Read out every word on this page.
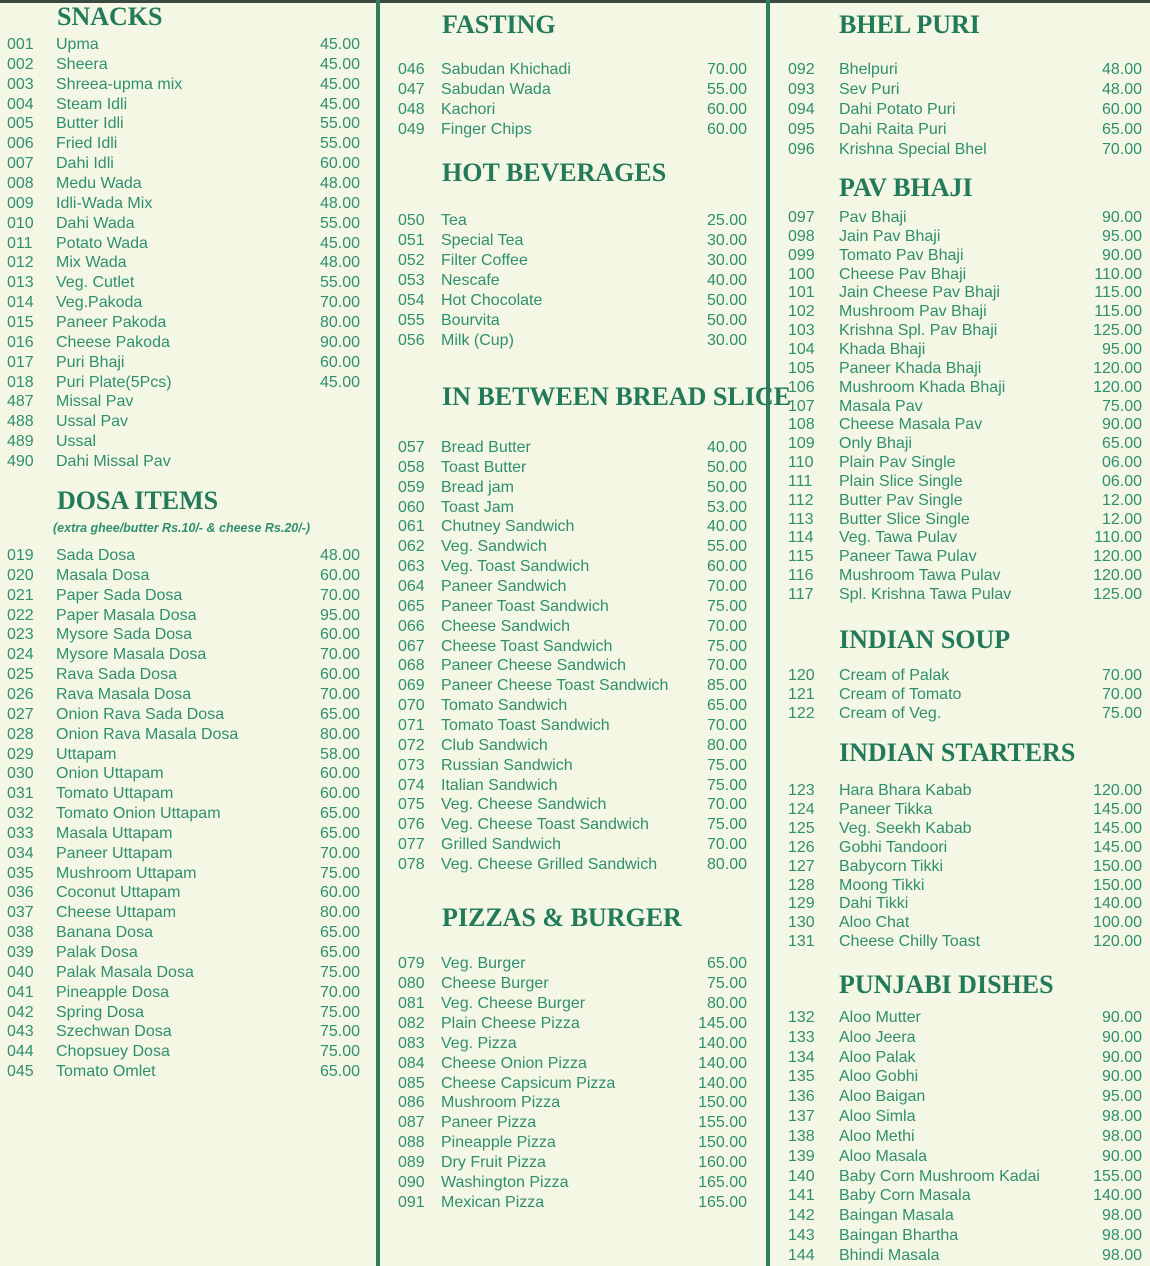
SNACKS
001 Upma	45.00
002 Sheera	45.00
003 Shreea-upma mix	45.00
004 Steam Idli	45.00
005 Butter Idli	55.00
006 Fried Idli	55.00
007 Dahi Idli	60.00
008 Medu Wada	48.00
009 Idli-Wada Mix	48.00
010 Dahi Wada	55.00
011 Potato Wada	45.00
012 Mix Wada	48.00
013 Veg. Cutlet	55.00
014 Veg.Pakoda	70.00
015 Paneer Pakoda	80.00
016 Cheese Pakoda	90.00
017 Puri Bhaji	60.00
018 Puri Plate(5Pcs)	45.00
487 Missal Pav
488 Ussal Pav
489 Ussal
490 Dahi Missal Pav
DOSA ITEMS
(extra ghee/butter Rs.10/- & cheese Rs.20/-)
019 Sada Dosa	48.00
020 Masala Dosa	60.00
021 Paper Sada Dosa	70.00
022 Paper Masala Dosa	95.00
023 Mysore Sada Dosa	60.00
024 Mysore Masala Dosa	70.00
025 Rava Sada Dosa	60.00
026 Rava Masala Dosa	70.00
027 Onion Rava Sada Dosa	65.00
028 Onion Rava Masala Dosa	80.00
029 Uttapam	58.00
030 Onion Uttapam	60.00
031 Tomato Uttapam	60.00
032 Tomato Onion Uttapam	65.00
033 Masala Uttapam	65.00
034 Paneer Uttapam	70.00
035 Mushroom Uttapam	75.00
036 Coconut Uttapam	60.00
037 Cheese Uttapam	80.00
038 Banana Dosa	65.00
039 Palak Dosa	65.00
040 Palak Masala Dosa	75.00
041 Pineapple Dosa	70.00
042 Spring Dosa	75.00
043 Szechwan Dosa	75.00
044 Chopsuey Dosa	75.00
045 Tomato Omlet	65.00
FASTING
046 Sabudan Khichadi	70.00
047 Sabudan Wada	55.00
048 Kachori	60.00
049 Finger Chips	60.00
HOT BEVERAGES
050 Tea	25.00
051 Special Tea	30.00
052 Filter Coffee	30.00
053 Nescafe	40.00
054 Hot Chocolate	50.00
055 Bourvita	50.00
056 Milk (Cup)	30.00
IN BETWEEN BREAD SLICE
057 Bread Butter	40.00
058 Toast Butter	50.00
059 Bread jam	50.00
060 Toast Jam	53.00
061 Chutney Sandwich	40.00
062 Veg. Sandwich	55.00
063 Veg. Toast Sandwich	60.00
064 Paneer Sandwich	70.00
065 Paneer Toast Sandwich	75.00
066 Cheese Sandwich	70.00
067 Cheese Toast Sandwich	75.00
068 Paneer Cheese Sandwich	70.00
069 Paneer Cheese Toast Sandwich 85.00
070 Tomato Sandwich	65.00
071 Tomato Toast Sandwich	70.00
072 Club Sandwich	80.00
073 Russian Sandwich	75.00
074 Italian Sandwich	75.00
075 Veg. Cheese Sandwich	70.00
076 Veg. Cheese Toast Sandwich	75.00
077 Grilled Sandwich	70.00
078 Veg. Cheese Grilled Sandwich	80.00
PIZZAS & BURGER
079 Veg. Burger	65.00
080 Cheese Burger	75.00
081 Veg. Cheese Burger	80.00
082 Plain Cheese Pizza	145.00
083 Veg. Pizza	140.00
084 Cheese Onion Pizza	140.00
085 Cheese Capsicum Pizza	140.00
086 Mushroom Pizza	150.00
087 Paneer Pizza	155.00
088 Pineapple Pizza	150.00
089 Dry Fruit Pizza	160.00
090 Washington Pizza	165.00
091 Mexican Pizza	165.00
BHEL PURI
092 Bhelpuri	48.00
093 Sev Puri	48.00
094 Dahi Potato Puri	60.00
095 Dahi Raita Puri	65.00
096 Krishna Special Bhel	70.00
PAV BHAJI
097 Pav Bhaji	90.00
098 Jain Pav Bhaji	95.00
099 Tomato Pav Bhaji	90.00
100 Cheese Pav Bhaji	110.00
101 Jain Cheese Pav Bhaji	115.00
102 Mushroom Pav Bhaji	115.00
103 Krishna Spl. Pav Bhaji	125.00
104 Khada Bhaji	95.00
105 Paneer Khada Bhaji	120.00
106 Mushroom Khada Bhaji	120.00
107 Masala Pav	75.00
108 Cheese Masala Pav	90.00
109 Only Bhaji	65.00
110 Plain Pav Single	06.00
111 Plain Slice Single	06.00
112 Butter Pav Single	12.00
113 Butter Slice Single	12.00
114 Veg. Tawa Pulav	110.00
115 Paneer Tawa Pulav	120.00
116 Mushroom Tawa Pulav	120.00
117 Spl. Krishna Tawa Pulav	125.00
INDIAN SOUP
120 Cream of Palak	70.00
121 Cream of Tomato	70.00
122 Cream of Veg.	75.00
INDIAN STARTERS
123 Hara Bhara Kabab	120.00
124 Paneer Tikka	145.00
125 Veg. Seekh Kabab	145.00
126 Gobhi Tandoori	145.00
127 Babycorn Tikki	150.00
128 Moong Tikki	150.00
129 Dahi Tikki	140.00
130 Aloo Chat	100.00
131 Cheese Chilly Toast	120.00
PUNJABI DISHES
132 Aloo Mutter	90.00
133 Aloo Jeera	90.00
134 Aloo Palak	90.00
135 Aloo Gobhi	90.00
136 Aloo Baigan	95.00
137 Aloo Simla	98.00
138 Aloo Methi	98.00
139 Aloo Masala	90.00
140 Baby Corn Mushroom Kadai	155.00
141 Baby Corn Masala	140.00
142 Baingan Masala	98.00
143 Baingan Bhartha	98.00
144 Bhindi Masala	98.00
